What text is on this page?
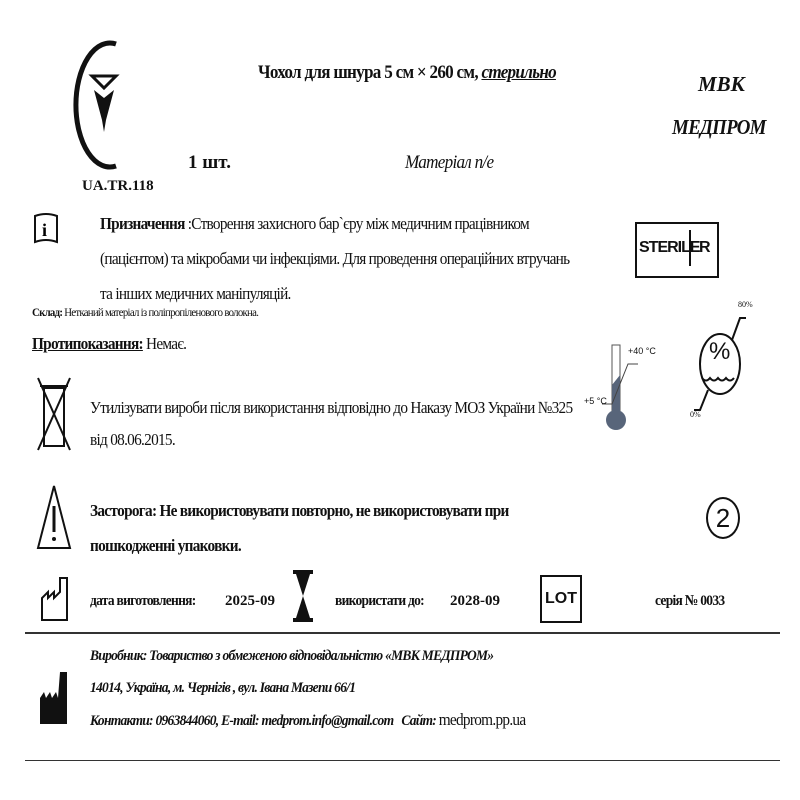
UA.TR.118
Чохол для шнура 5 см × 260 см, стерильно	МВК
МЕДПРОМ
1 шт.	Матеріал п/е
i	Призначення :Створення захисного бар`єру між медичним працівником
(пацієнтом) та мікробами чи інфекціями. Для проведення операційних втручань
та інших медичних маніпуляцій.
STERILE R
Склад: Нетканий матеріал із поліпропіленового волокна.
Протипоказання: Немає.	+40 °C
+5 °C
%
80%
0%
Утилізувати вироби після використання відповідно до Наказу МОЗ України №325
від 08.06.2015.
Застoрога: Не використовувати повторно, не використовувати при
пошкодженні упаковки.
2
дата виготовлення:	2025-09	використати до:	2028-09	LOT	серія № 0033
Виробник: Товариство з обмеженою відповідальністю «МВК МЕДПРОМ»
14014, Україна, м. Чернігів , вул. Івана Мазепи 66/1
Контакти: 0963844060, E-mail: medprom.info@gmail.com Сайт: medprom.pp.ua
